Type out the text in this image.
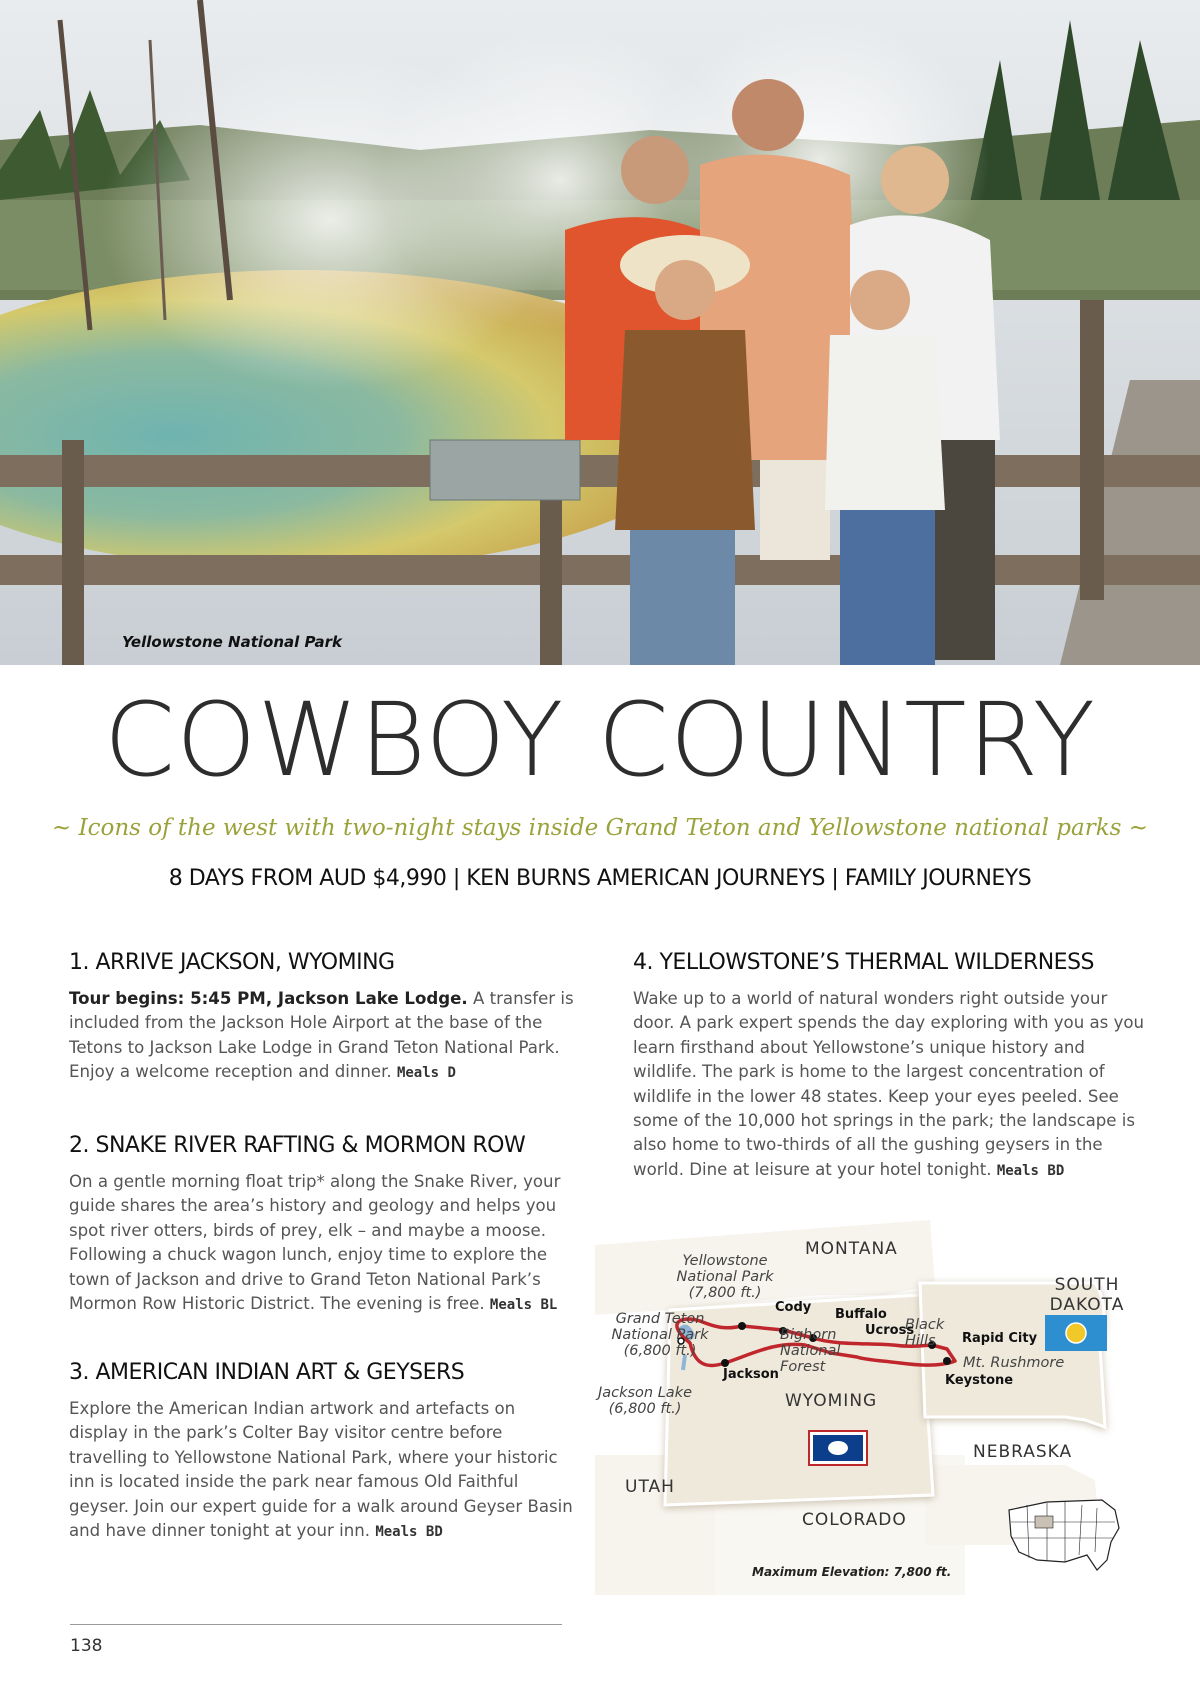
Yellowstone National Park
COWBOY COUNTRY
~ Icons of the west with two-night stays inside Grand Teton and Yellowstone national parks ~
8 DAYS FROM AUD $4,990 | KEN BURNS AMERICAN JOURNEYS | FAMILY JOURNEYS
1. ARRIVE JACKSON, WYOMING

Tour begins: 5:45 PM, Jackson Lake Lodge. A transfer is included from the Jackson Hole Airport at the base of the Tetons to Jackson Lake Lodge in Grand Teton National Park. Enjoy a welcome reception and dinner. Meals D

2. SNAKE RIVER RAFTING & MORMON ROW

On a gentle morning float trip* along the Snake River, your guide shares the area’s history and geology and helps you spot river otters, birds of prey, elk – and maybe a moose. Following a chuck wagon lunch, enjoy time to explore the town of Jackson and drive to Grand Teton National Park’s Mormon Row Historic District. The evening is free. Meals BL

3. AMERICAN INDIAN ART & GEYSERS

Explore the American Indian artwork and artefacts on display in the park’s Colter Bay visitor centre before travelling to Yellowstone National Park, where your historic inn is located inside the park near famous Old Faithful geyser. Join our expert guide for a walk around Geyser Basin and have dinner tonight at your inn. Meals BD

4. YELLOWSTONE’S THERMAL WILDERNESS

Wake up to a world of natural wonders right outside your door. A park expert spends the day exploring with you as you learn firsthand about Yellowstone’s unique history and wildlife. The park is home to the largest concentration of wildlife in the lower 48 states. Keep your eyes peeled. See some of the 10,000 hot springs in the park; the landscape is also home to two-thirds of all the gushing geysers in the world. Dine at leisure at your hotel tonight. Meals BD

MONTANA
SOUTH DAKOTA
WYOMING
NEBRASKA
UTAH
COLORADO
Yellowstone National Park (7,800 ft.)
Grand Teton National Park (6,800 ft.)
Jackson Lake (6,800 ft.)
Bighorn National Forest
Black Hills
Mt. Rushmore
Cody Buffalo
Ucross
Jackson
Rapid City
Keystone
Maximum Elevation: 7,800 ft.
138
